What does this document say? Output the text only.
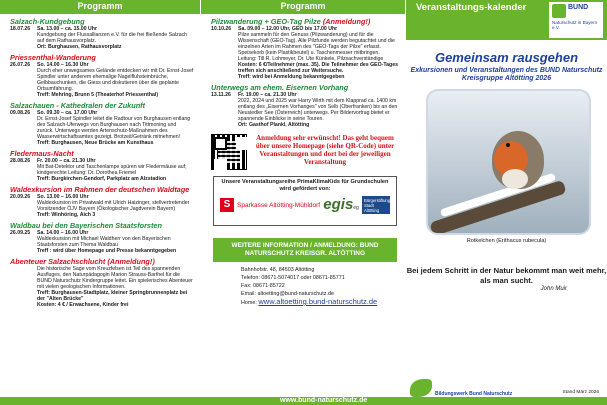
Programm
Salzach-Kundgebung
18.07.26	Sa. 13.00 – ca. 15.00 Uhr
Kundgebung der Flussallianzen e.V. für die frei fließende Salzach auf dem Rathausvorplatz.
Ort: Burghausen, Rathausvorplatz
Priessenthal-Wanderung
26.07.26	So. 14.00 – 16.30 Uhr
Durch eher unwegsames Gelände entdecken wir mit Dr. Ernst-Josef Spindler unter anderem ehemalige Nagelfluhsteinbrüche, Gelbbauchunken, die Giess und diskutieren über die geplante Ortsumfahrung.
Treff: Mehring, Brunn 5 (Theaterhof Priessenthal)
Salzachauen - Kathedralen der Zukunft
09.08.26	So. 09.30 – ca. 17.00 Uhr
Dr. Ernst-Josef Spindler leitet die Radtour von Burghausen entlang des Salzach-Uferwegs von Burghausen nach Tittmoning und zurück. Unterwegs werden Artenschutz-Maßnahmen des Wasserwirtschaftsamtes gezeigt. Brotzeit/Getränk mitnehmen!
Treff: Burghausen, Neue Brücke am Kunsthaus
Fledermaus-Nacht
28.08.26	Fr. 20.00 – ca. 21.30 Uhr
Mit Bat-Detektor und Taschenlampe spüren wir Fledermäuse auf; kindgerechte Leitung: Dr. Dorothea Friemel
Treff: Burgkirchen-Gendorf, Parkplatz am Alzstadion
Waldexkursion im Rahmen der deutschen Waldtage
20.09.26	So. 13.00 – 16.00 Uhr
Waldexkursion im Privatwald mit Ulrich Haizinger, stellvertretender Vorsitzender ÖJV Bayern (Ökologischer Jagdverein Bayern)
Treff: Winhöring, Aich 3
Waldbau bei den Bayerischen Staatsforsten
26.09.25	Sa. 14.00 – 16.00 Uhr
Waldexkursion mit Michael Waldherr von den Bayerischen Staatsforsten zum Thema Waldbau
Treff : wird über Homepage und Presse bekanntgegeben
Abenteuer Salzachschlucht (Anmeldung!)
Die historische Sage vom Kreuzfelsen ist Teil des spannenden Ausfluges, den Naturpädagogin Marion Strauss-Barthel für die BUND Naturschutz Kindergruppe leitet. Ein spielerisches Abenteuer mit vielen geologischen Informationen.
Treff: Burghausen-Stadtplatz, kleiner Springbrunnenplatz bei der "Alten Brücke"
Kosten: 4 € / Erwachsene, Kinder frei
Programm
Pilzwanderung + GEO-Tag Pilze (Anmeldung!)
10.10.26	Sa. 09.00 – 12.00 Uhr, GEO bis 17.00 Uhr
Pilze sammeln für den Genuss (Pilzwanderung) und für die Wissenschaft (GEO-Tag). Alle Pilzfunde werden begutachtet und die einzelnen Arten im Rahmen des "GEO-Tags der Pilze" erfasst. Speisekorb (kein Plastikbeutel) u. Taschenmesser mitbringen. Leitung: Till R. Lohmeyer, Dr. Ute Künkele, Pilzsachverständige
Kosten: 6 €/Teilnehmer (max. 35). Die Teilnehmer des GEO-Tages treffen sich anschließend zur Weitersuche.
Treff: wird bei Anmeldung bekanntgegeben
Unterwegs am ehem. Eisernen Vorhang
13.11.26	Fr. 19.00 – ca. 21.30 Uhr
2022, 2024 und 2025 war Harry Wirth mit dem Klapprad ca. 1400 km entlang des „Eisernen Vorhanges" von Selb (Oberfranken) bis an den Neusiedler See (Österreich) unterwegs. Per Bildervortrag bietet er spannende Einblicke in seine Touren.
Ort: Gasthof Plankl, Altötting
Anmeldung sehr erwünscht! Das geht bequem über unsere Homepage (siehe QR-Code) unter Veranstaltungen und dort bei der jeweiligen Veranstaltung
Unsere Veranstaltungsreihe PrimaKlimaKids für Grundschulen wird gefördert von:
S	Sparkasse Altötting-Mühldorf egiseg
Bürgerstiftung Stadt Altötting
WEITERE INFORMATION / ANMELDUNG: BUND NATURSCHUTZ KREISGR. ALTÖTTING
Bahnhofstr. 48, 84503 Altötting
Telefon: 08671-5074017 oder 08671-85771
Fax: 08671-85722
Email: altoetting@bund-naturschutz.de
Home: www.altoetting.bund-naturschutz.de
Veranstaltungs-kalender	BUND
Naturschutz in Bayern e.V.
Gemeinsam rausgehen
Exkursionen und Veranstaltungen des BUND Naturschutz Kreisgruppe Altötting 2026
Rotkelchen (Erithacus rubecula)
Bei jedem Schritt in der Natur bekommt man weit mehr, als man sucht.
John Muir
Bildungswerk Bund Naturschutz	Stand März 2026
www.bund-naturschutz.de
